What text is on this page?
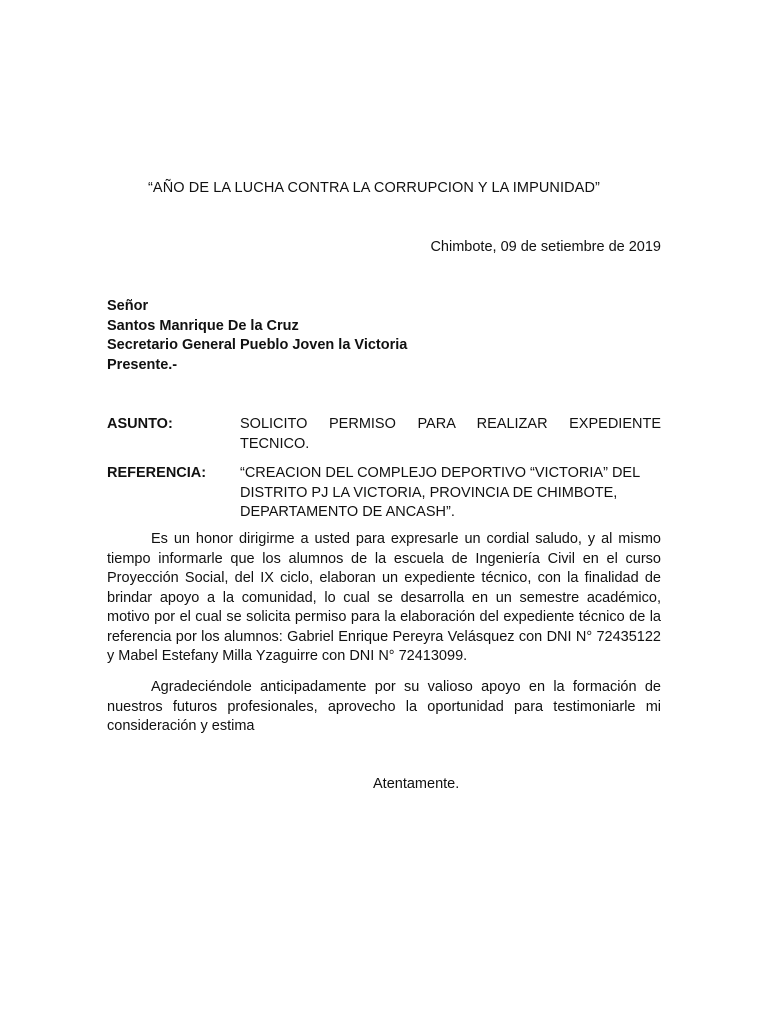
“AÑO DE LA LUCHA CONTRA LA CORRUPCION Y LA IMPUNIDAD”
Chimbote, 09 de setiembre de 2019
Señor
Santos Manrique De la Cruz
Secretario General Pueblo Joven la Victoria
Presente.-
ASUNTO:	SOLICITO PERMISO PARA REALIZAR EXPEDIENTE
TECNICO.
REFERENCIA: “CREACION DEL COMPLEJO DEPORTIVO “VICTORIA” DEL
DISTRITO PJ LA VICTORIA, PROVINCIA DE CHIMBOTE,
DEPARTAMENTO DE ANCASH”.
Es un honor dirigirme a usted para expresarle un cordial saludo, y al mismo tiempo informarle que los alumnos de la escuela de Ingeniería Civil en el curso Proyección Social, del IX ciclo, elaboran un expediente técnico, con la finalidad de brindar apoyo a la comunidad, lo cual se desarrolla en un semestre académico, motivo por el cual se solicita permiso para la elaboración del expediente técnico de la referencia por los alumnos: Gabriel Enrique Pereyra Velásquez con DNI N° 72435122 y Mabel Estefany Milla Yzaguirre con DNI N° 72413099.
Agradeciéndole anticipadamente por su valioso apoyo en la formación de nuestros futuros profesionales, aprovecho la oportunidad para testimoniarle mi consideración y estima
Atentamente.
